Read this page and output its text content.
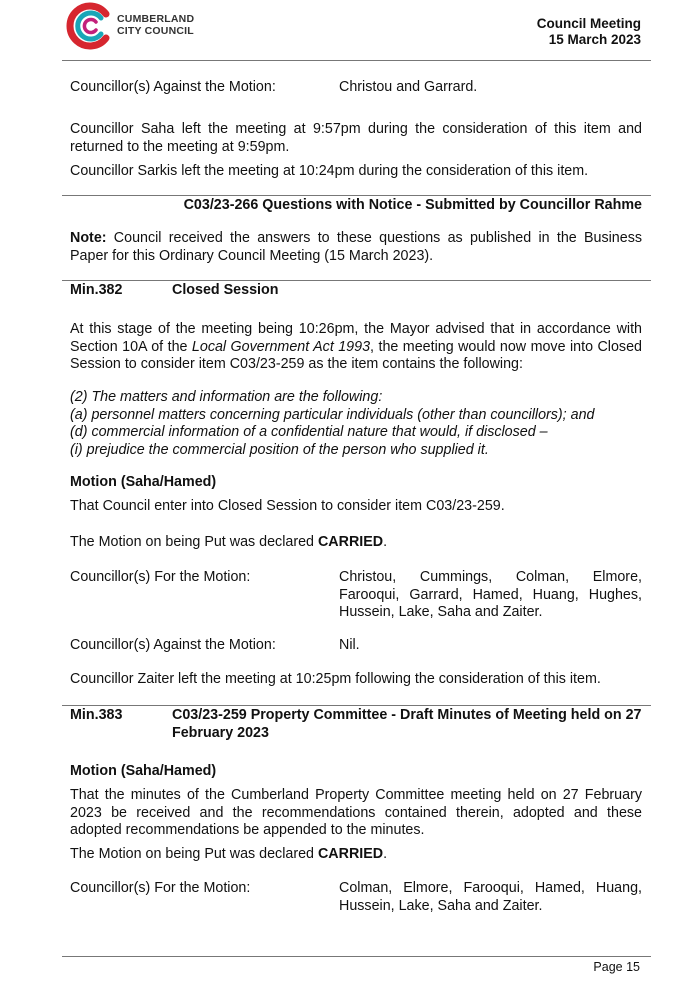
CUMBERLAND
CITY COUNCIL	Council Meeting
15 March 2023
Councillor(s) Against the Motion:	Christou and Garrard.
Councillor Saha left the meeting at 9:57pm during the consideration of this item and returned to the meeting at 9:59pm.
Councillor Sarkis left the meeting at 10:24pm during the consideration of this item.
C03/23-266 Questions with Notice - Submitted by Councillor Rahme
Note: Council received the answers to these questions as published in the Business Paper for this Ordinary Council Meeting (15 March 2023).
Min.382	Closed Session
At this stage of the meeting being 10:26pm, the Mayor advised that in accordance with Section 10A of the Local Government Act 1993, the meeting would now move into Closed Session to consider item C03/23-259 as the item contains the following:
(2) The matters and information are the following:
(a) personnel matters concerning particular individuals (other than councillors); and
(d) commercial information of a confidential nature that would, if disclosed –
(i) prejudice the commercial position of the person who supplied it.
Motion (Saha/Hamed)
That Council enter into Closed Session to consider item C03/23-259.
The Motion on being Put was declared CARRIED.
Councillor(s) For the Motion:	Christou, Cummings, Colman, Elmore, Farooqui, Garrard, Hamed, Huang, Hughes, Hussein, Lake, Saha and Zaiter.
Councillor(s) Against the Motion:	Nil.
Councillor Zaiter left the meeting at 10:25pm following the consideration of this item.
Min.383	C03/23-259 Property Committee - Draft Minutes of Meeting held on 27 February 2023
Motion (Saha/Hamed)
That the minutes of the Cumberland Property Committee meeting held on 27 February 2023 be received and the recommendations contained therein, adopted and these adopted recommendations be appended to the minutes.
The Motion on being Put was declared CARRIED.
Councillor(s) For the Motion:	Colman, Elmore, Farooqui, Hamed, Huang, Hussein, Lake, Saha and Zaiter.
Page 15
